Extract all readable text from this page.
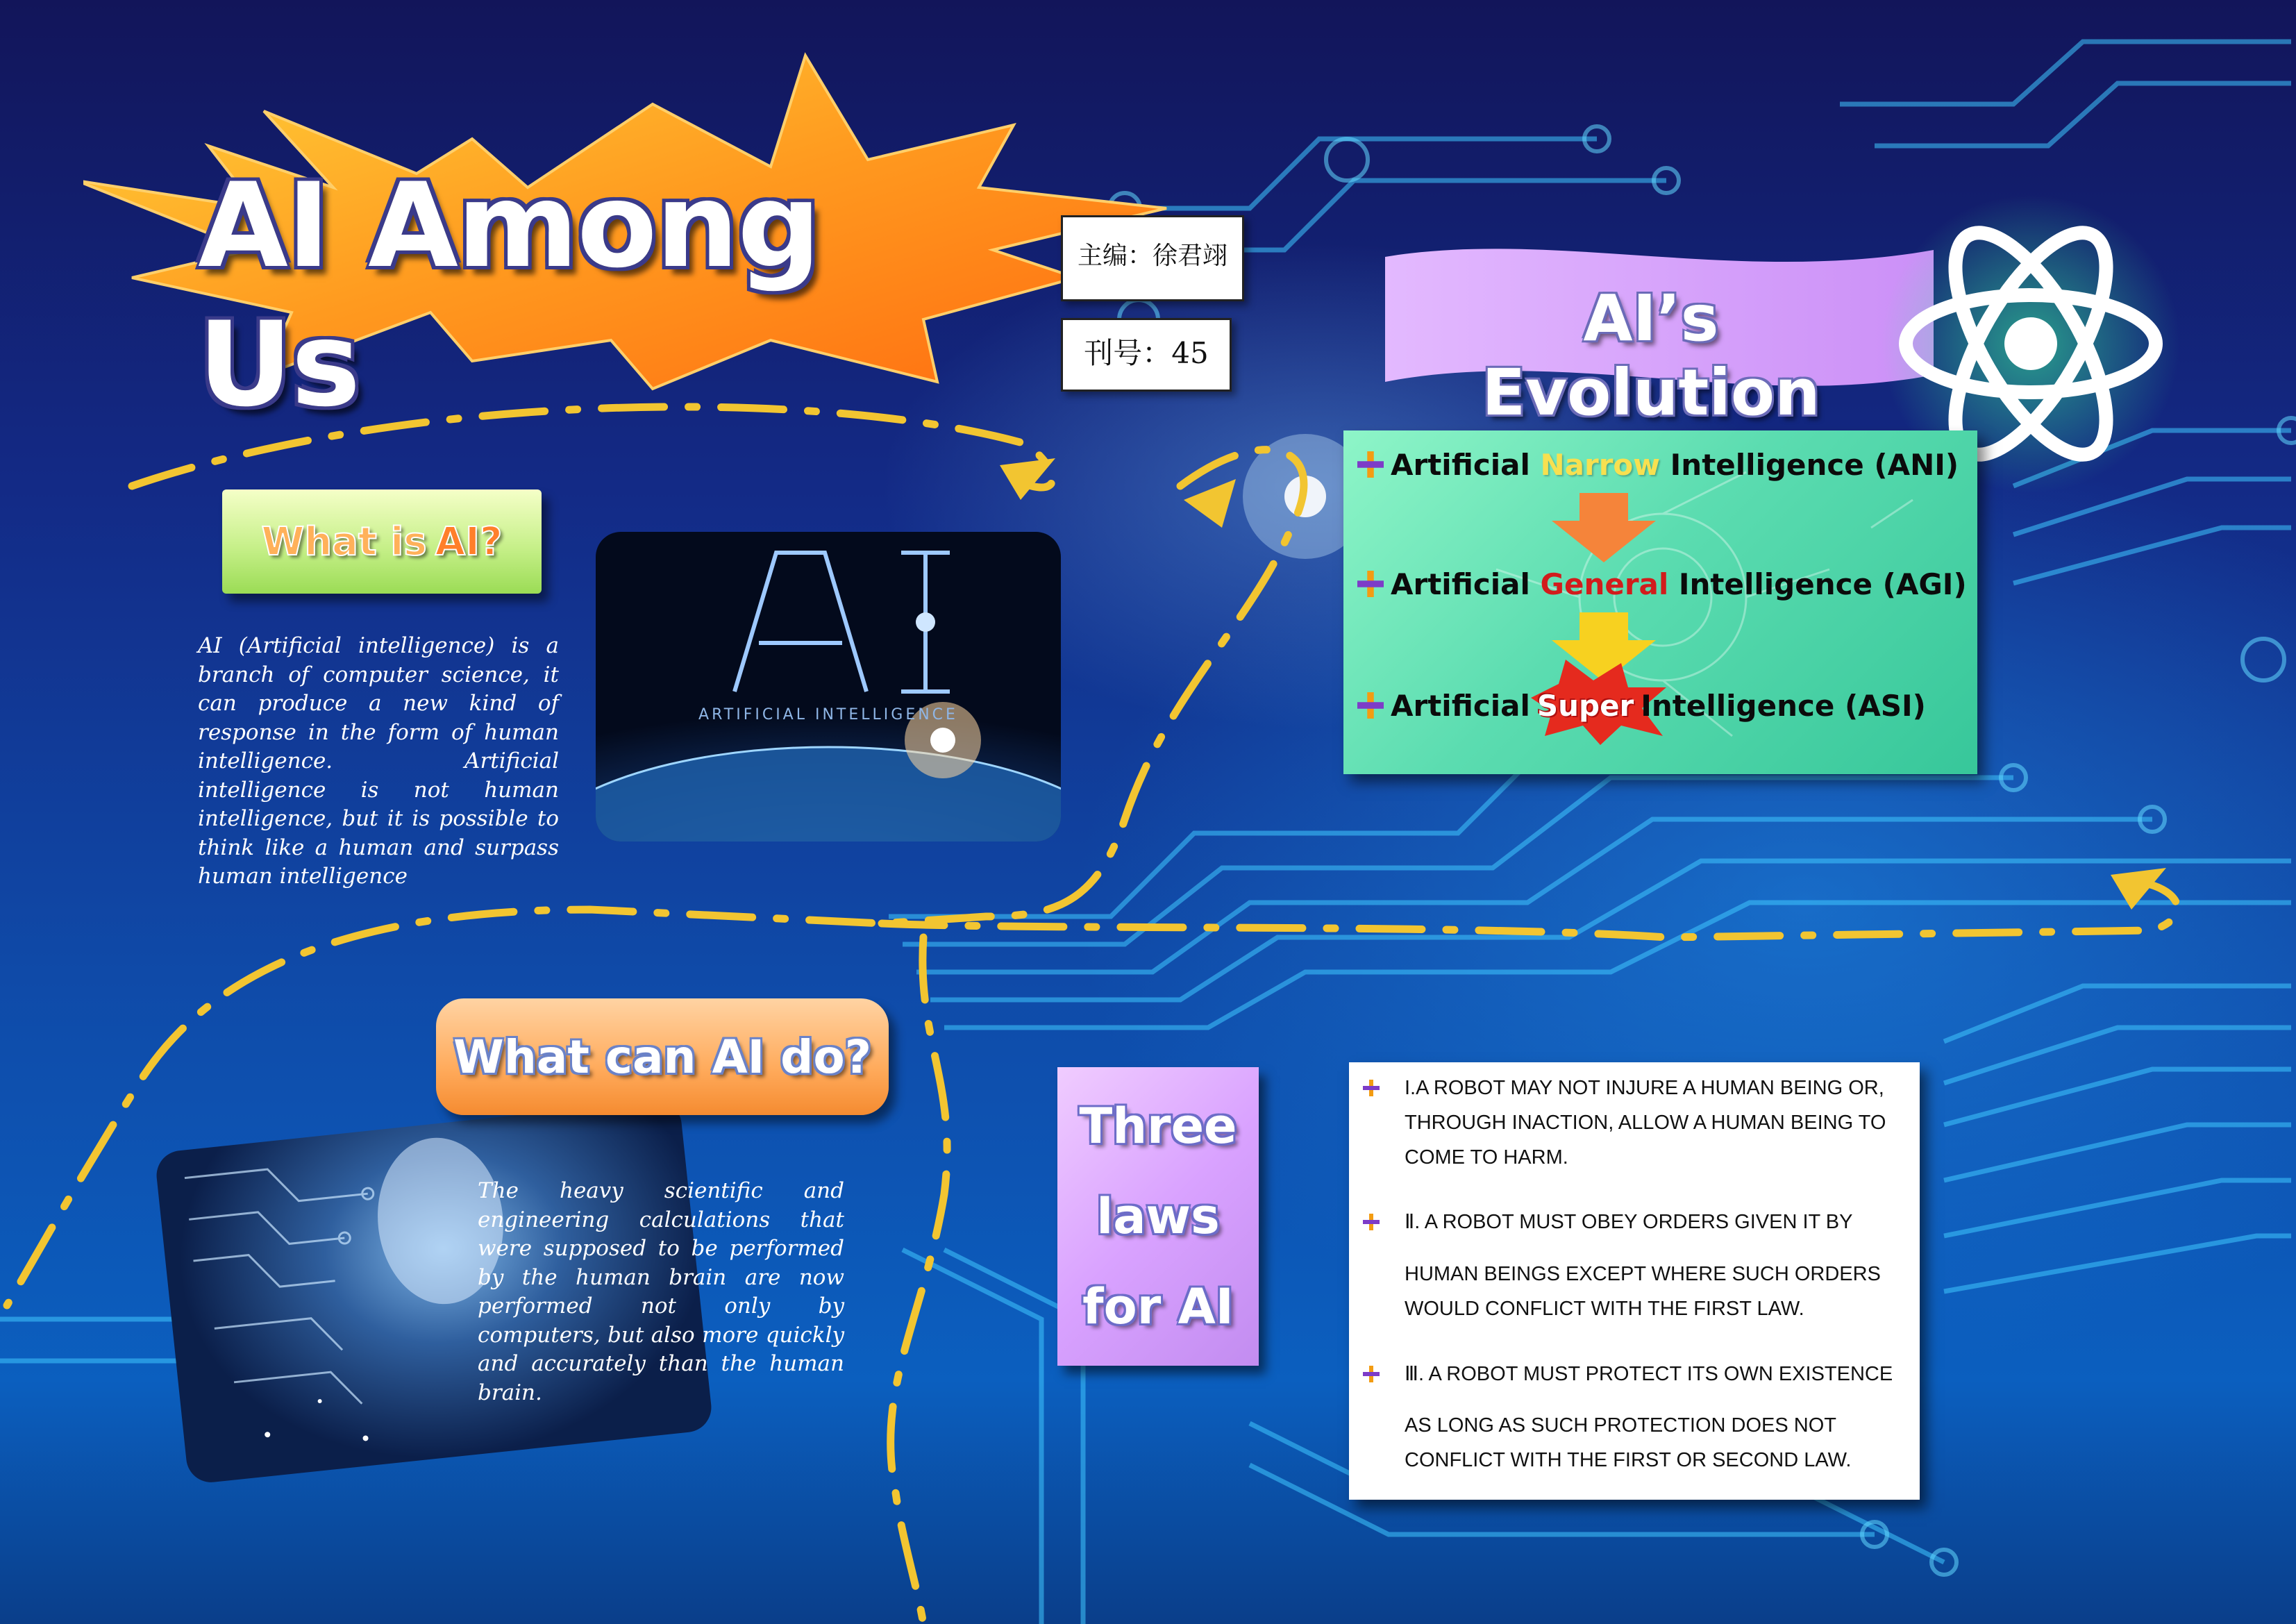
AI Among Us
主编：徐君翊
刊号：45
What is AI?
AI (Artificial intelligence) is a branch of computer science, it can produce a new kind of response in the form of human intelligence. Artificial intelligence is not human intelligence, but it is possible to think like a human and surpass human intelligence
ARTIFICIAL INTELLIGENCE
What can AI do?
The heavy scientific and engineering calculations that were supposed to be performed by the human brain are now performed not only by computers, but also more quickly and accurately than the human brain.
Three
laws
for AI
I.A ROBOT MAY NOT INJURE A HUMAN BEING OR,
THROUGH INACTION, ALLOW A HUMAN BEING TO
COME TO HARM.
Ⅱ. A ROBOT MUST OBEY ORDERS GIVEN IT BY
HUMAN BEINGS EXCEPT WHERE SUCH ORDERS
WOULD CONFLICT WITH THE FIRST LAW.
Ⅲ. A ROBOT MUST PROTECT ITS OWN EXISTENCE
AS LONG AS SUCH PROTECTION DOES NOT
CONFLICT WITH THE FIRST OR SECOND LAW.
AI’s Evolution
Artificial Narrow Intelligence (ANI)
Artificial General Intelligence (AGI)
Artificial Super Intelligence (ASI)
